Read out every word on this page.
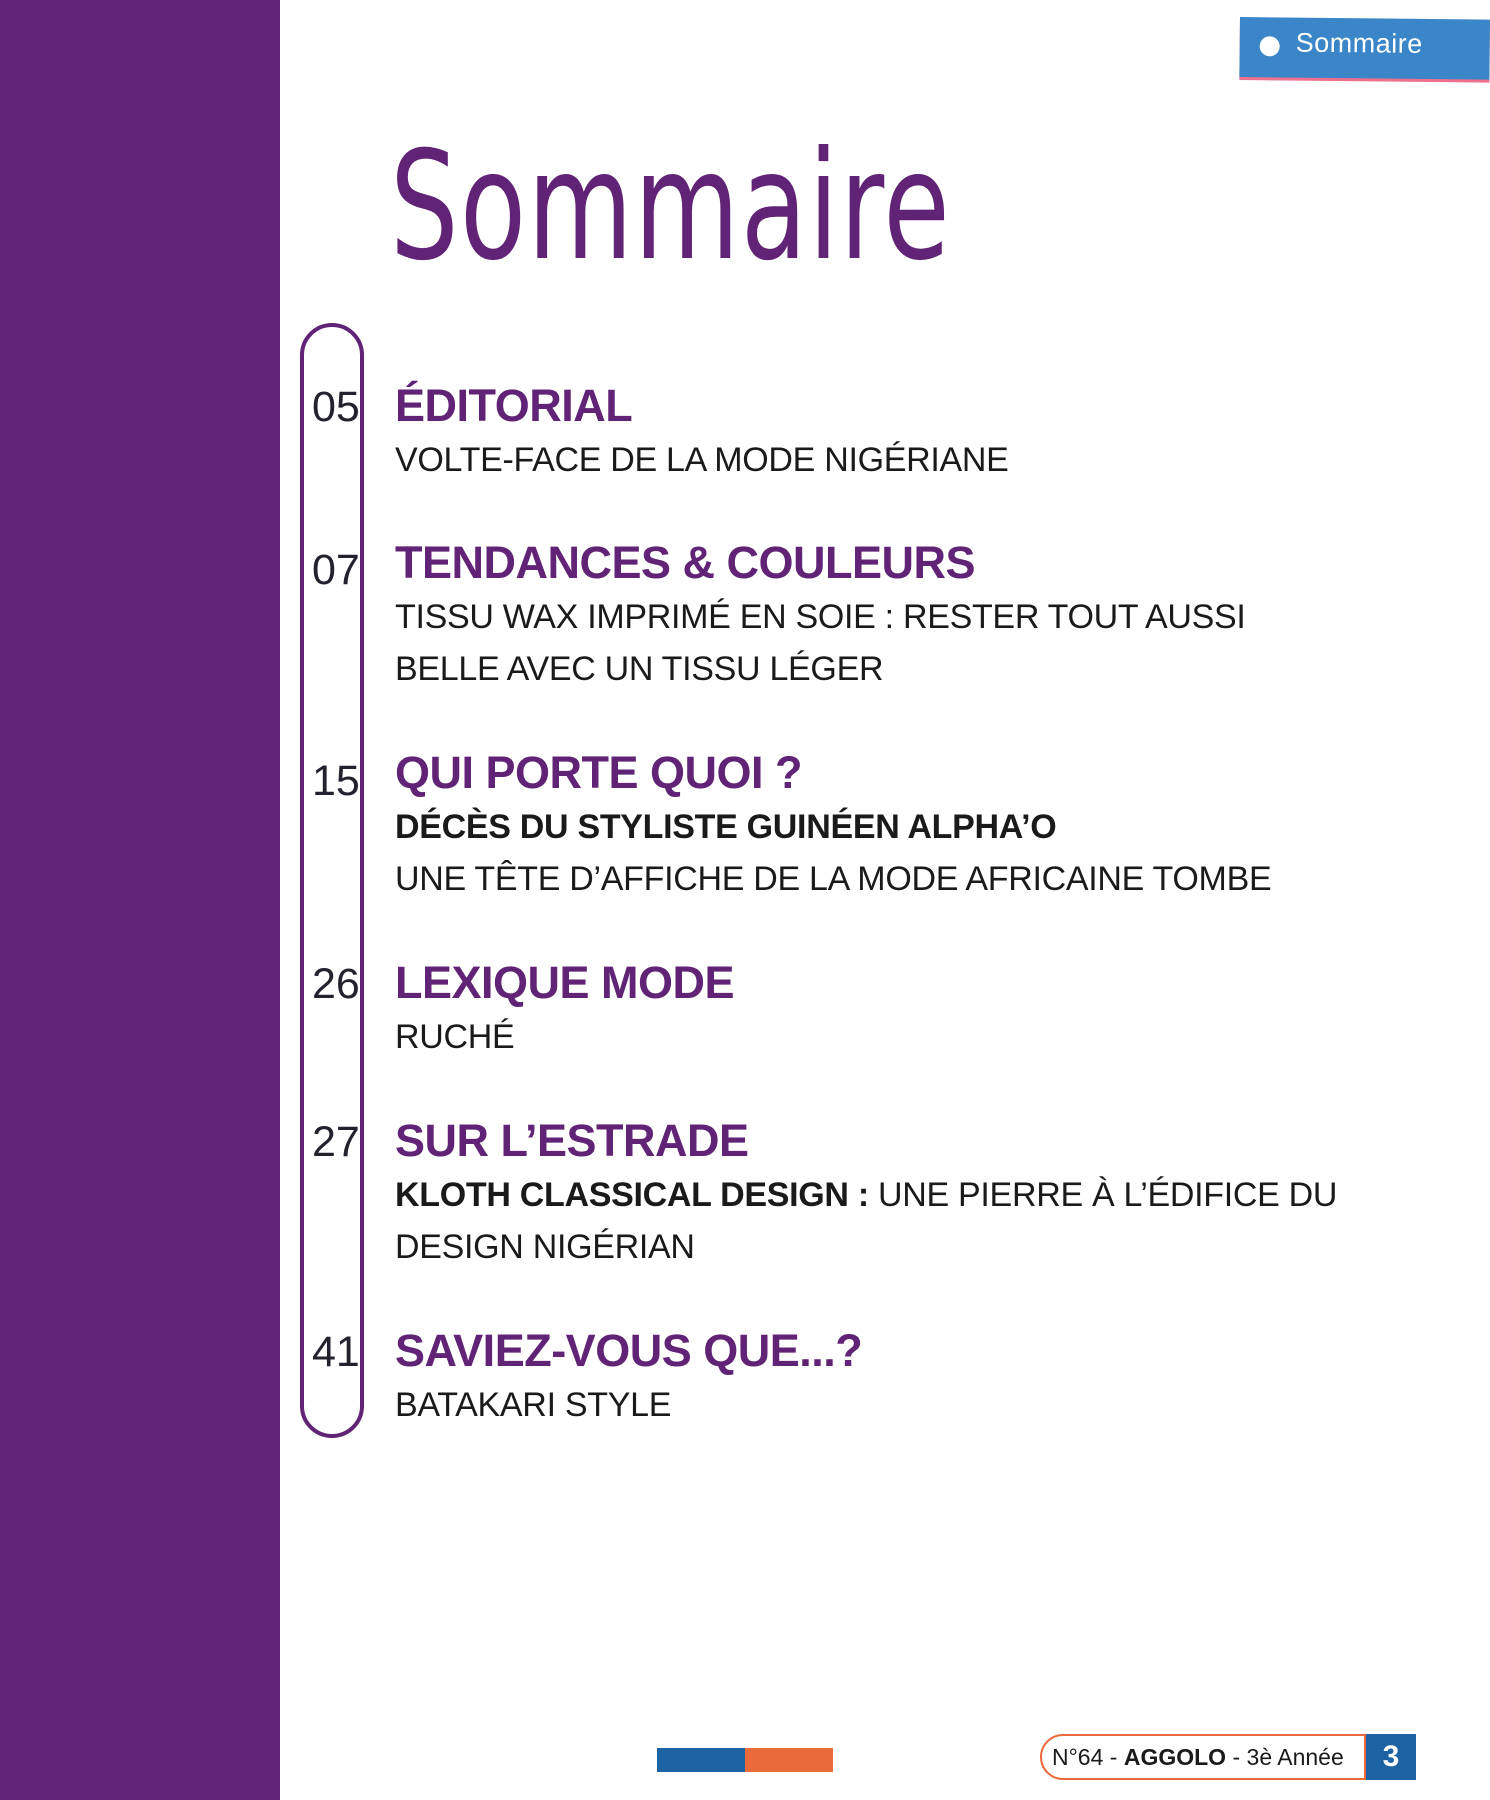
Sommaire
Sommaire
05 ÉDITORIAL
VOLTE-FACE DE LA MODE NIGÉRIANE
07 TENDANCES & COULEURS
TISSU WAX IMPRIMÉ EN SOIE : RESTER TOUT AUSSI
BELLE AVEC UN TISSU LÉGER
15 QUI PORTE QUOI ?
DÉCÈS DU STYLISTE GUINÉEN ALPHA’O
UNE TÊTE D’AFFICHE DE LA MODE AFRICAINE TOMBE
26 LEXIQUE MODE
RUCHÉ
27 SUR L’ESTRADE
KLOTH CLASSICAL DESIGN : UNE PIERRE À L’ÉDIFICE DU
DESIGN NIGÉRIAN
41 SAVIEZ-VOUS QUE...?
BATAKARI STYLE
N°64 - AGGOLO - 3è Année	3
